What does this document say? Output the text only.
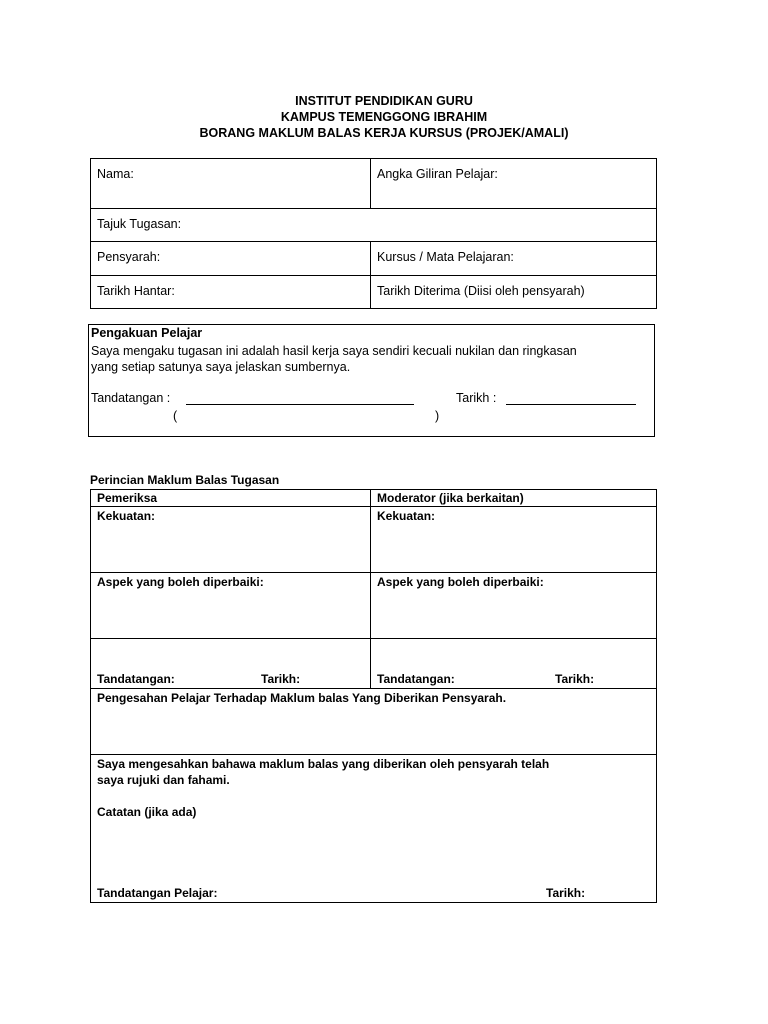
INSTITUT PENDIDIKAN GURU
KAMPUS TEMENGGONG IBRAHIM
BORANG MAKLUM BALAS KERJA KURSUS (PROJEK/AMALI)
Nama:	Angka Giliran Pelajar:

Tajuk Tugasan:	

Pensyarah:	Kursus / Mata Pelajaran:

Tarikh Hantar:	Tarikh Diterima (Diisi oleh pensyarah)
Pengakuan Pelajar
Saya mengaku tugasan ini adalah hasil kerja saya sendiri kecuali nukilan dan ringkasan
yang setiap satunya saya jelaskan sumbernya.
Tandatangan :	Tarikh :
(	)
Perincian Maklum Balas Tugasan
Pemeriksa	Moderator (jika berkaitan)

Kekuatan:	Kekuatan:

Aspek yang boleh diperbaiki:	Aspek yang boleh diperbaiki:

Tandatangan: Tarikh:	Tandatangan: Tarikh:

Pengesahan Pelajar Terhadap Maklum balas Yang Diberikan Pensyarah.	

Saya mengesahkan bahawa maklum balas yang diberikan oleh pensyarah telah
saya rujuki dan fahami.
Catatan (jika ada)
Tandatangan Pelajar: Tarikh:	
